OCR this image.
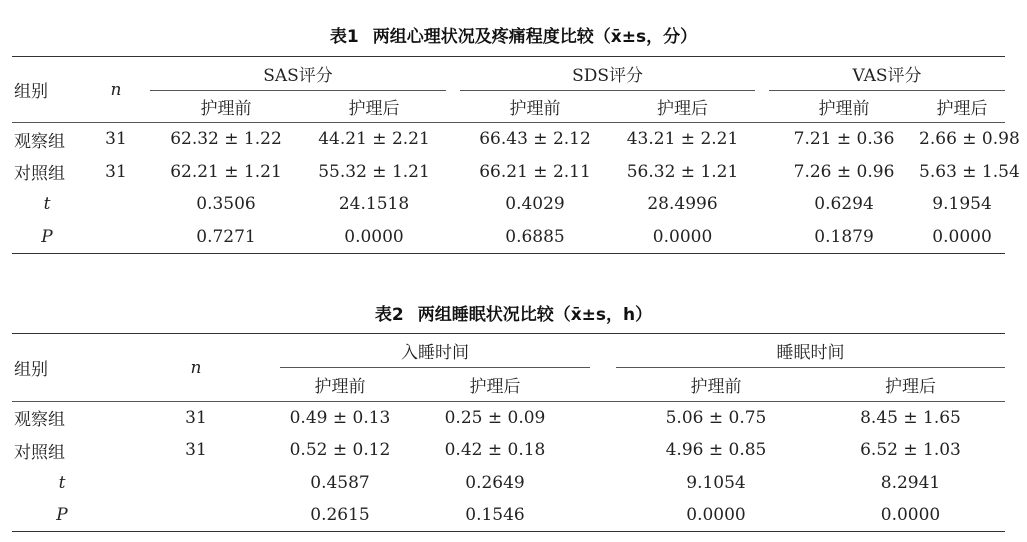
表1 两组心理状况及疼痛程度比较（x̄±s，分）
组别	n	SAS评分			SDS评分			VAS评分	
		护理前	护理后		护理前	护理后		护理前	护理后
观察组	31	62.32 ± 1.22	44.21 ± 2.21		66.43 ± 2.12	43.21 ± 2.21		7.21 ± 0.36	2.66 ± 0.98
对照组	31	62.21 ± 1.21	55.32 ± 1.21		66.21 ± 2.11	56.32 ± 1.21		7.26 ± 0.96	5.63 ± 1.54
t		0.3506	24.1518		0.4029	28.4996		0.6294	9.1954
P		0.7271	0.0000		0.6885	0.0000		0.1879	0.0000
表2 两组睡眠状况比较（x̄±s，h）
组别	n	入睡时间			睡眠时间	
		护理前	护理后		护理前	护理后
观察组	31	0.49 ± 0.13	0.25 ± 0.09		5.06 ± 0.75	8.45 ± 1.65
对照组	31	0.52 ± 0.12	0.42 ± 0.18		4.96 ± 0.85	6.52 ± 1.03
t		0.4587	0.2649		9.1054	8.2941
P		0.2615	0.1546		0.0000	0.0000
